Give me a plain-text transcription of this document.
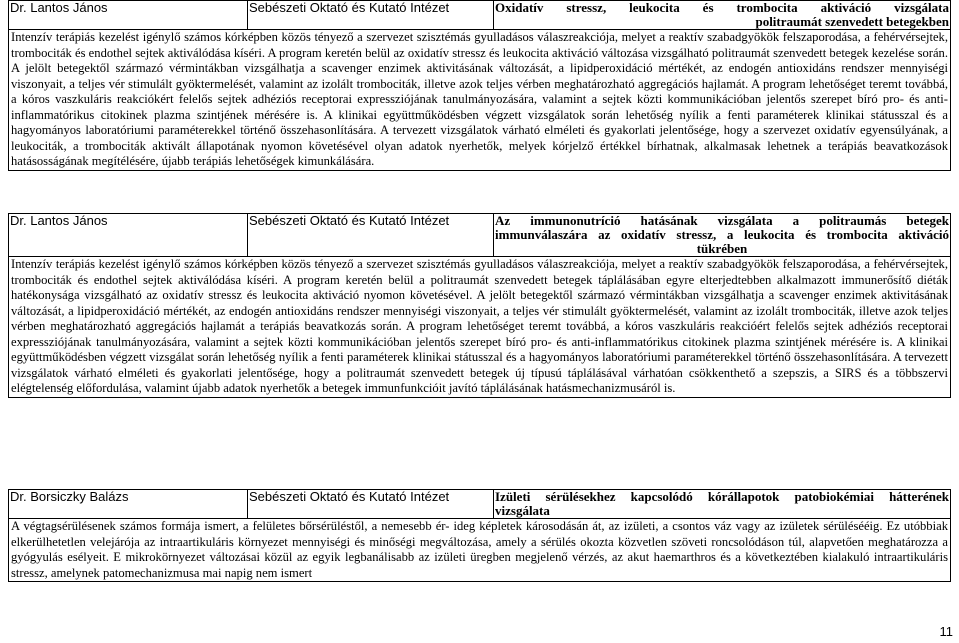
Dr. Lantos János	Sebészeti Oktató és Kutató Intézet	Oxidatív stressz, leukocita és trombocita aktiváció vizsgálata
politraumát szenvedett betegekben

Intenzív terápiás kezelést igénylő számos kórképben közös tényező a szervezet szisztémás gyulladásos válaszreakciója, melyet a reaktív szabadgyökök felszaporodása, a fehérvérsejtek, trombociták és endothel sejtek aktiválódása kíséri. A program keretén belül az oxidatív stressz és leukocita aktiváció változása vizsgálható politraumát szenvedett betegek kezelése során. A jelölt betegektől származó vérmintákban vizsgálhatja a scavenger enzimek aktivitásának változását, a lipidperoxidáció mértékét, az endogén antioxidáns rendszer mennyiségi viszonyait, a teljes vér stimulált gyöktermelését, valamint az izolált trombociták, illetve azok teljes vérben meghatározható aggregációs hajlamát. A program lehetőséget teremt továbbá, a kóros vaszkuláris reakciókért felelős sejtek adhéziós receptorai expressziójának tanulmányozására, valamint a sejtek közti kommunikációban jelentős szerepet bíró pro- és anti-inflammatórikus citokinek plazma szintjének mérésére is. A klinikai együttműködésben végzett vizsgálatok során lehetőség nyílik a fenti paraméterek klinikai státusszal és a hagyományos laboratóriumi paraméterekkel történő összehasonlítására. A tervezett vizsgálatok várható elméleti és gyakorlati jelentősége, hogy a szervezet oxidatív egyensúlyának, a leukociták, a trombociták aktivált állapotának nyomon követésével olyan adatok nyerhetők, melyek kórjelző értékkel bírhatnak, alkalmasak lehetnek a terápiás beavatkozások hatásosságának megítélésére, újabb terápiás lehetőségek kimunkálására.

Dr. Lantos János	Sebészeti Oktató és Kutató Intézet	Az immunonutríció hatásának vizsgálata a politraumás betegek
immunválaszára az oxidatív stressz, a leukocita és trombocita aktiváció
tükrében

Intenzív terápiás kezelést igénylő számos kórképben közös tényező a szervezet szisztémás gyulladásos válaszreakciója, melyet a reaktív szabadgyökök felszaporodása, a fehérvérsejtek, trombociták és endothel sejtek aktiválódása kíséri. A program keretén belül a politraumát szenvedett betegek táplálásában egyre elterjedtebben alkalmazott immunerősítő diéták hatékonysága vizsgálható az oxidatív stressz és leukocita aktiváció nyomon követésével. A jelölt betegektől származó vérmintákban vizsgálhatja a scavenger enzimek aktivitásának változását, a lipidperoxidáció mértékét, az endogén antioxidáns rendszer mennyiségi viszonyait, a teljes vér stimulált gyöktermelését, valamint az izolált trombociták, illetve azok teljes vérben meghatározható aggregációs hajlamát a terápiás beavatkozás során. A program lehetőséget teremt továbbá, a kóros vaszkuláris reakcióért felelős sejtek adhéziós receptorai expressziójának tanulmányozására, valamint a sejtek közti kommunikációban jelentős szerepet bíró pro- és anti-inflammatórikus citokinek plazma szintjének mérésére is. A klinikai együttműködésben végzett vizsgálat során lehetőség nyílik a fenti paraméterek klinikai státusszal és a hagyományos laboratóriumi paraméterekkel történő összehasonlítására. A tervezett vizsgálatok várható elméleti és gyakorlati jelentősége, hogy a politraumát szenvedett betegek új típusú táplálásával várhatóan csökkenthető a szepszis, a SIRS és a többszervi elégtelenség előfordulása, valamint újabb adatok nyerhetők a betegek immunfunkcióit javító táplálásának hatásmechanizmusáról is.

Dr. Borsiczky Balázs	Sebészeti Oktató és Kutató Intézet	Izületi sérülésekhez kapcsolódó kórállapotok patobiokémiai hátterének
vizsgálata

A végtagsérülésenek számos formája ismert, a felületes bőrsérüléstől, a nemesebb ér- ideg képletek károsodásán át, az izületi, a csontos váz vagy az izületek sérülésééig. Ez utóbbiak elkerülhetetlen velejárója az intraartikuláris környezet mennyiségi és minőségi megváltozása, amely a sérülés okozta közvetlen szöveti roncsolódáson túl, alapvetően meghatározza a gyógyulás esélyeit. E mikrokörnyezet változásai közül az egyik legbanálisabb az izületi üregben megjelenő vérzés, az akut haemarthros és a következtében kialakuló intraartikuláris stressz, amelynek patomechanizmusa mai napig nem ismert

11
